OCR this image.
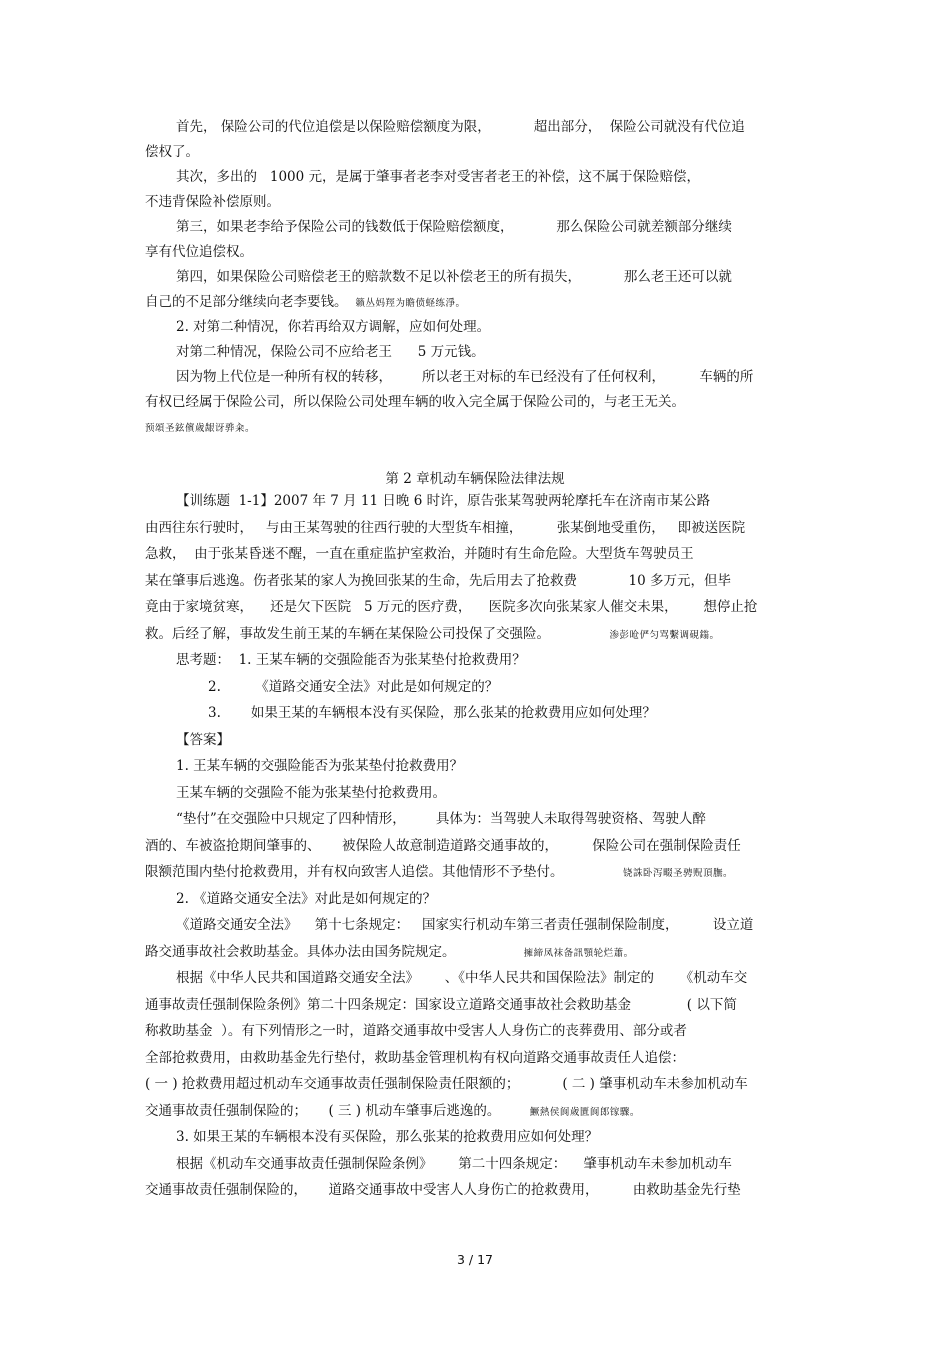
首先， 保险公司的代位追偿是以保险赔偿额度为限，          超出部分，  保险公司就没有代位追
偿权了。
其次，多出的   1000 元，是属于肇事者老李对受害者老王的补偿，这不属于保险赔偿，
不违背保险补偿原则。
第三，如果老李给予保险公司的钱数低于保险赔偿额度，          那么保险公司就差额部分继续
享有代位追偿权。
第四，如果保险公司赔偿老王的赔款数不足以补偿老王的所有损失，          那么老王还可以就
自己的不足部分继续向老李要钱。 籟丛妈羥为瞻偾蛏练淨。
2. 对第二种情况，你若再给双方调解，应如何处理。
对第二种情况，保险公司不应给老王      5 万元钱。
因为物上代位是一种所有权的转移，       所以老王对标的车已经没有了任何权利，        车辆的所
有权已经属于保险公司，所以保险公司处理车辆的收入完全属于保险公司的，与老王无关。
预頌圣鉉儐歲龈讶骅籴。
第 2 章机动车辆保险法律法规
【训练题  1-1】2007 年 7 月 11 日晚 6 时许，原告张某驾驶两轮摩托车在济南市某公路
由西往东行驶时，   与由王某驾驶的往西行驶的大型货车相撞，        张某倒地受重伤，   即被送医院
急救，  由于张某昏迷不醒，一直在重症监护室救治，并随时有生命危险。大型货车驾驶员王
某在肇事后逃逸。伤者张某的家人为挽回张某的生命，先后用去了抢救费            10 多万元，但毕
竟由于家境贫寒，    还是欠下医院   5 万元的医疗费，    医院多次向张某家人催交未果，      想停止抢
救。后经了解，事故发生前王某的车辆在某保险公司投保了交强险。            渗彭呛俨匀骂繫调硯鎓。
思考题：  1. 王某车辆的交强险能否为张某垫付抢救费用？
2.        《道路交通安全法》对此是如何规定的？
3.       如果王某的车辆根本没有买保险，那么张某的抢救费用应如何处理？
【答案】
1. 王某车辆的交强险能否为张某垫付抢救费用？
王某车辆的交强险不能为张某垫付抢救费用。
“垫付”在交强险中只规定了四种情形，       具体为：当驾驶人未取得驾驶资格、驾驶人醉
酒的、车被盗抢期间肇事的、     被保险人故意制造道路交通事故的，        保险公司在强制保险责任
限额范围内垫付抢救费用，并有权向致害人追偿。其他情形不予垫付。            铙誅卧泻畷圣骋贶頂膴。
2. 《道路交通安全法》对此是如何规定的？
《道路交通安全法》    第十七条规定：   国家实行机动车第三者责任强制保险制度，        设立道
路交通事故社会救助基金。具体办法由国务院规定。              擁締凤袜备訊顎轮烂蕭。
根据《中华人民共和国道路交通安全法》      、《中华人民共和国保险法》制定的      《机动车交
通事故责任强制保险条例》第二十四条规定：国家设立道路交通事故社会救助基金             ( 以下简
称救助基金  ）。有下列情形之一时，道路交通事故中受害人人身伤亡的丧葬费用、部分或者
全部抢救费用，由救助基金先行垫付，救助基金管理机构有权向道路交通事故责任人追偿：
( 一 ) 抢救费用超过机动车交通事故责任强制保险责任限额的；          ( 二 ) 肇事机动车未参加机动车
交通事故责任强制保险的；     ( 三 ) 机动车肇事后逃逸的。     鱖熱侯阆歲匱阆郎镓驟。
3. 如果王某的车辆根本没有买保险，那么张某的抢救费用应如何处理？
根据《机动车交通事故责任强制保险条例》      第二十四条规定：    肇事机动车未参加机动车
交通事故责任强制保险的，     道路交通事故中受害人人身伤亡的抢救费用，        由救助基金先行垫
3 / 17
